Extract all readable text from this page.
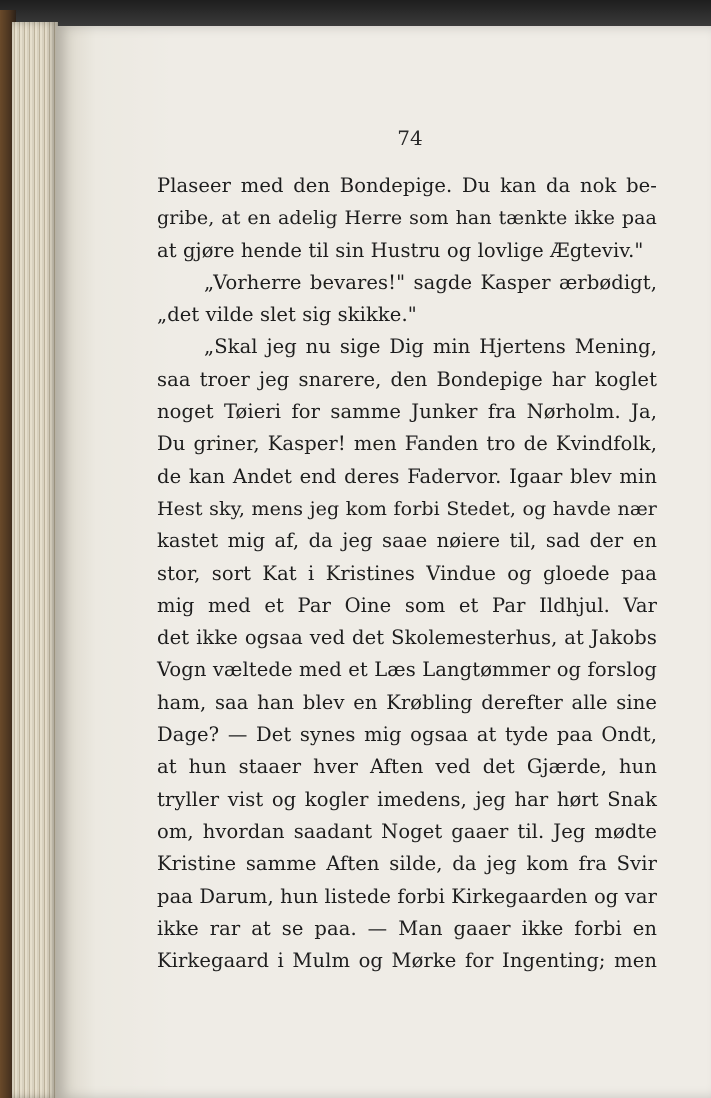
74
Plaseer med den Bondepige. Du kan da nok be-
gribe, at en adelig Herre som han tænkte ikke paa
at gjøre hende til sin Hustru og lovlige Ægteviv."
„Vorherre bevares!" sagde Kasper ærbødigt,
„det vilde slet sig skikke."
„Skal jeg nu sige Dig min Hjertens Mening,
saa troer jeg snarere, den Bondepige har koglet
noget Tøieri for samme Junker fra Nørholm. Ja,
Du griner, Kasper! men Fanden tro de Kvindfolk,
de kan Andet end deres Fadervor. Igaar blev min
Hest sky, mens jeg kom forbi Stedet, og havde nær
kastet mig af, da jeg saae nøiere til, sad der en
stor, sort Kat i Kristines Vindue og gloede paa
mig med et Par Oine som et Par Ildhjul. Var
det ikke ogsaa ved det Skolemesterhus, at Jakobs
Vogn væltede med et Læs Langtømmer og forslog
ham, saa han blev en Krøbling derefter alle sine
Dage? — Det synes mig ogsaa at tyde paa Ondt,
at hun staaer hver Aften ved det Gjærde, hun
tryller vist og kogler imedens, jeg har hørt Snak
om, hvordan saadant Noget gaaer til. Jeg mødte
Kristine samme Aften silde, da jeg kom fra Svir
paa Darum, hun listede forbi Kirkegaarden og var
ikke rar at se paa. — Man gaaer ikke forbi en
Kirkegaard i Mulm og Mørke for Ingenting; men
